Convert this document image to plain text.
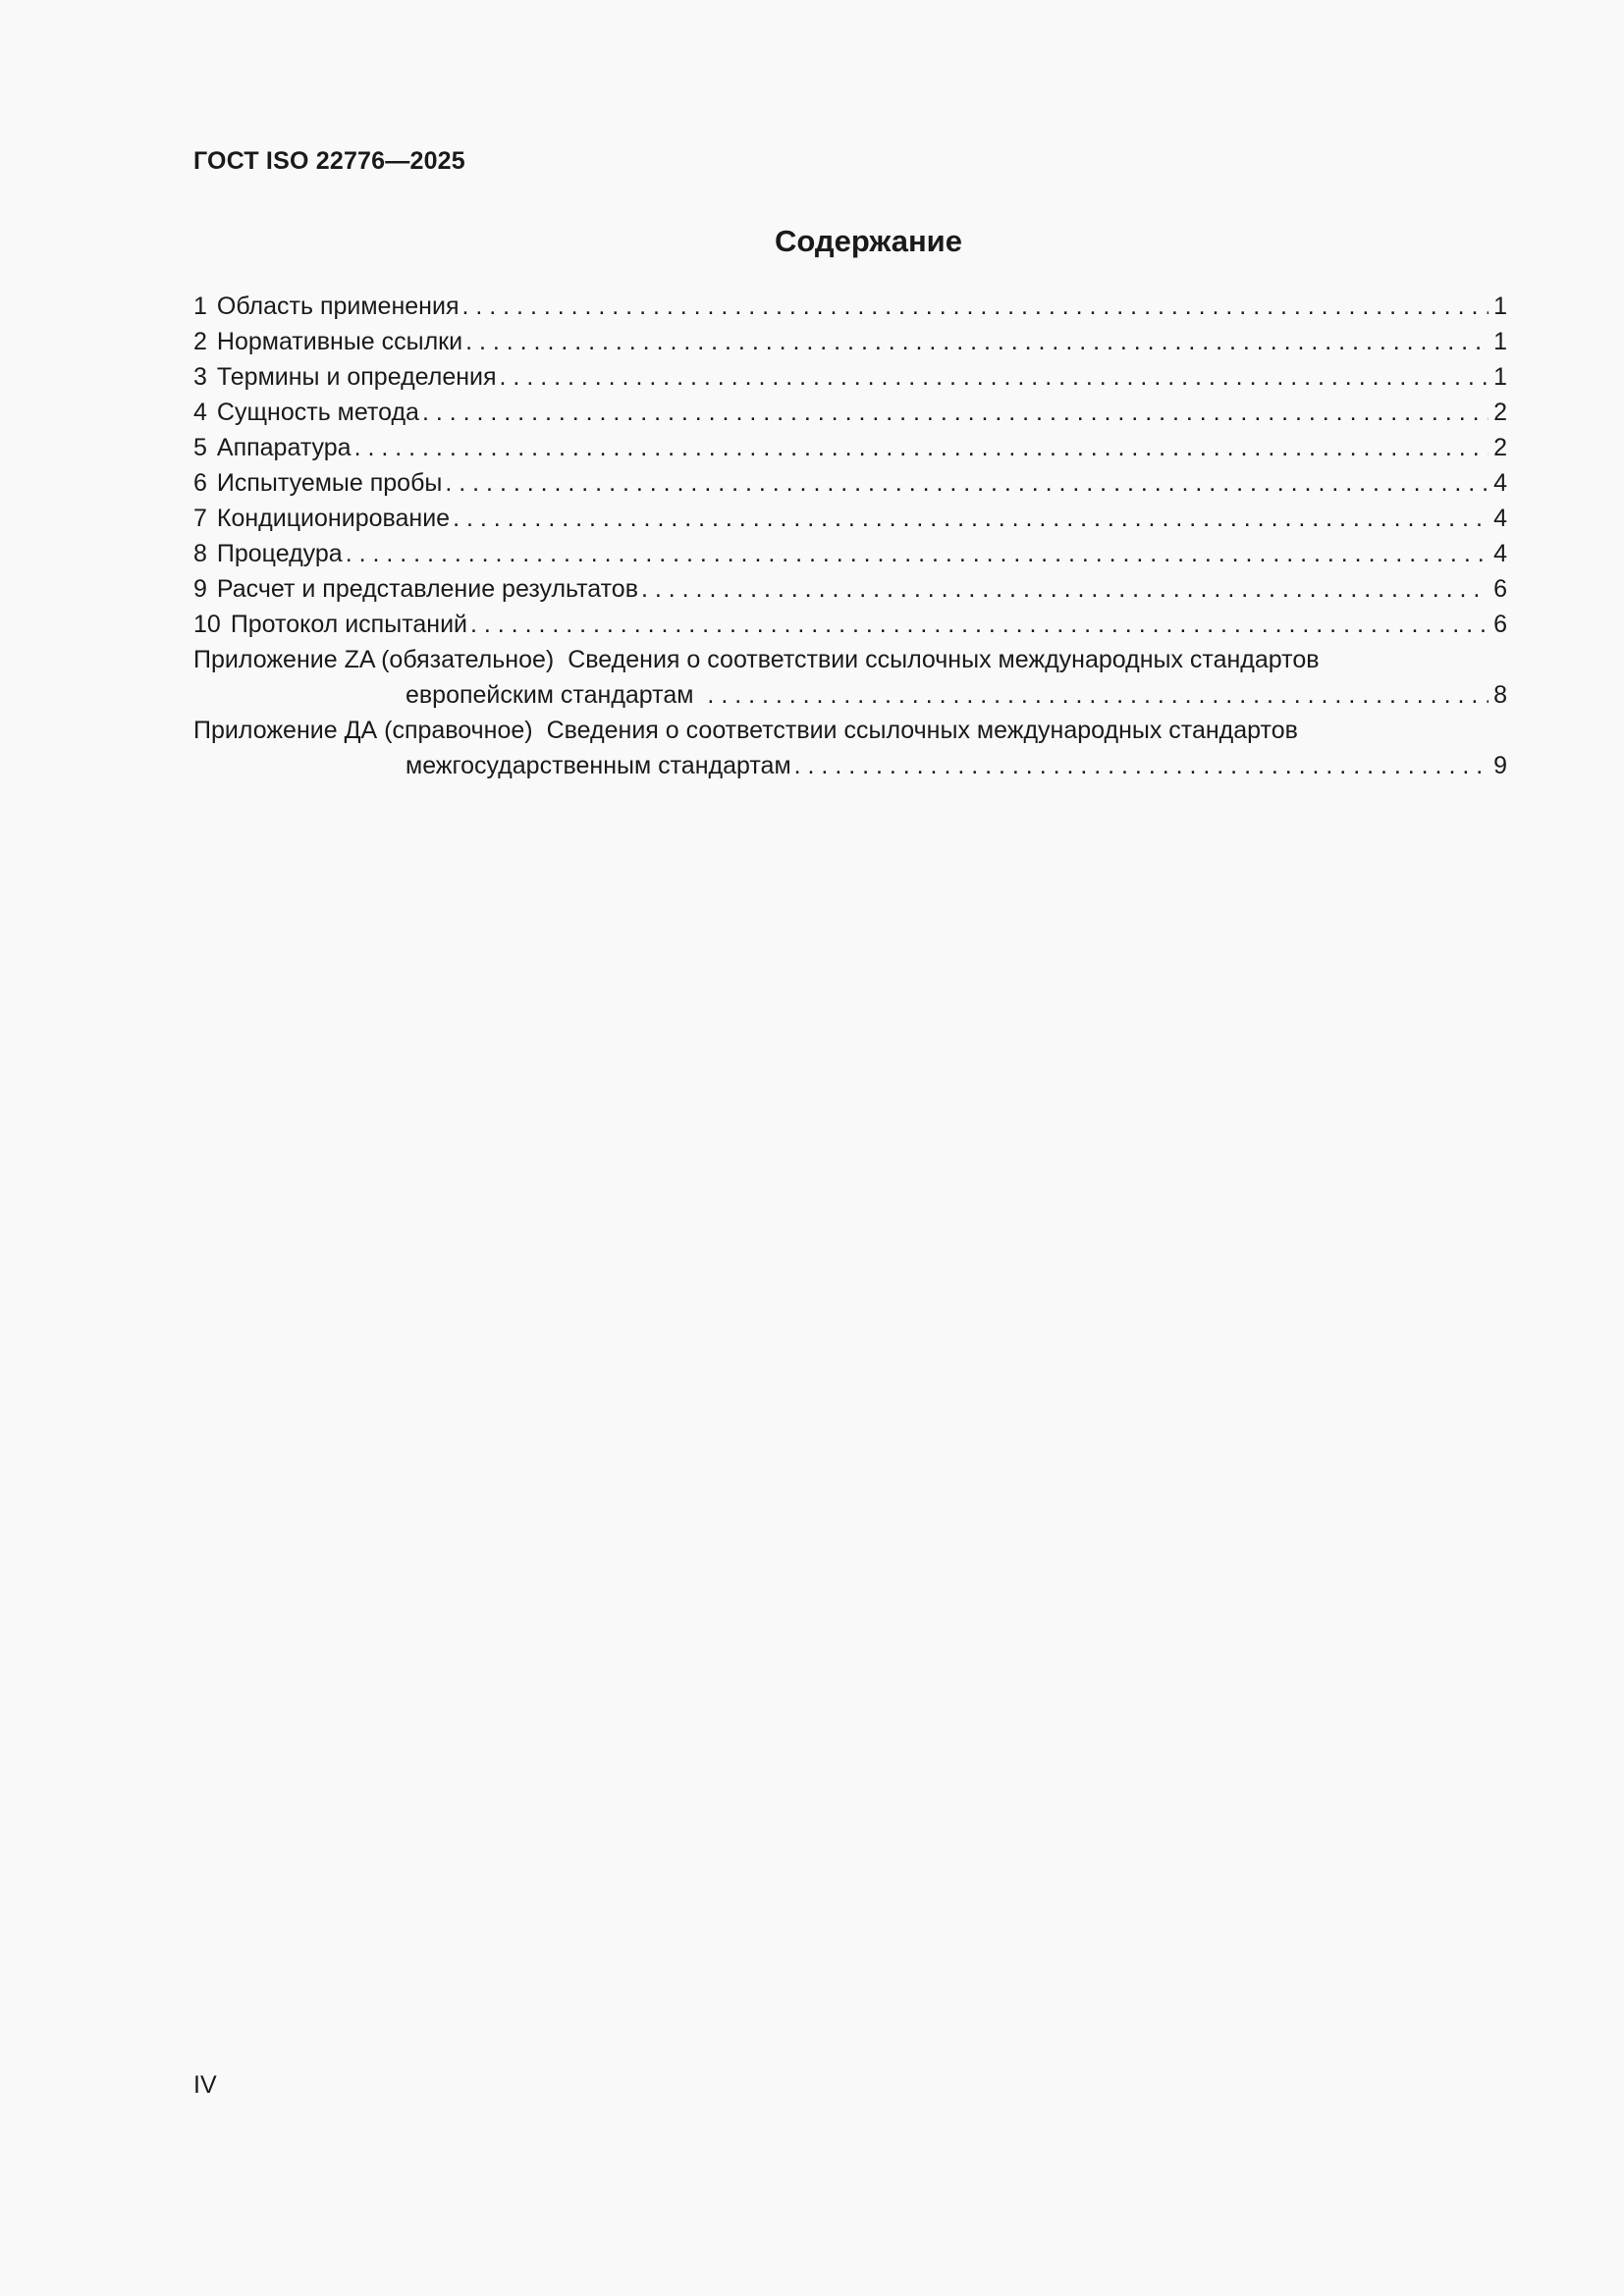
ГОСТ ISO 22776—2025
Содержание
1 Область применения . . .	1
2 Нормативные ссылки . . .	1
3 Термины и определения . . .	1
4 Сущность метода . . .	2
5 Аппаратура . . .	2
6 Испытуемые пробы . . .	4
7 Кондиционирование . . .	4
8 Процедура . . .	4
9 Расчет и представление результатов . . .	6
10 Протокол испытаний . . .	6
Приложение ZA (обязательное) Сведения о соответствии ссылочных международных стандартов
европейским стандартам . . .	8
Приложение ДА (справочное) Сведения о соответствии ссылочных международных стандартов
межгосударственным стандартам . . .	9
IV
